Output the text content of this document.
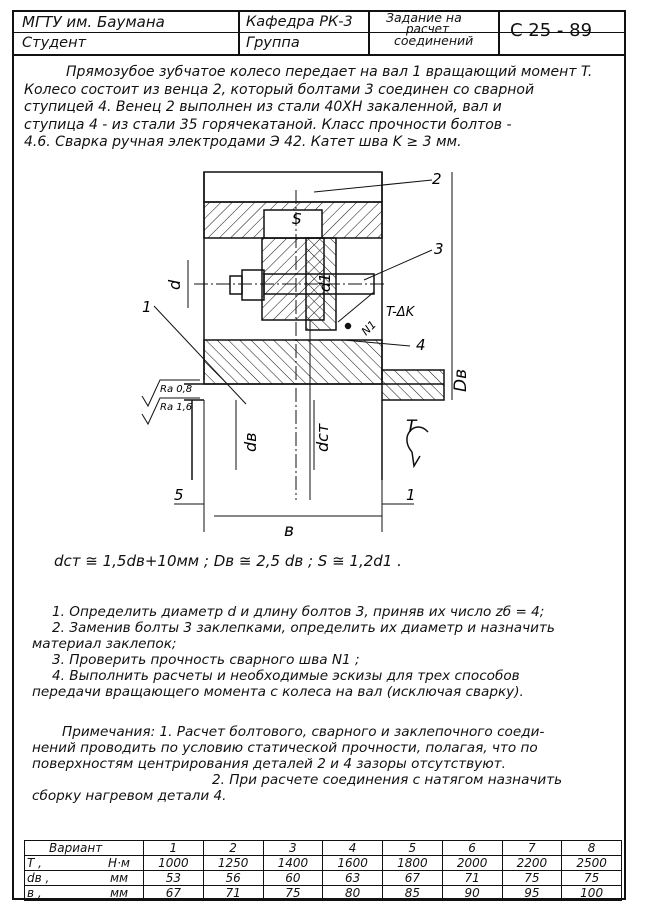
МГТУ им. Баумана	Кафедра РК-3	Задание на
расчет
соединений С 25 - 89
Студент	Группа

Прямозубое зубчатое колесо передает на вал 1 вращающий момент T.

Колесо состоит из венца 2, который болтами 3 соединен со сварной

ступицей 4. Венец 2 выполнен из стали 40ХН закаленной, вал и

ступица 4 - из стали 35 горячекатаной. Класс прочности болтов -

4.6. Сварка ручная электродами Э 42. Катет шва K ≥ 3 мм.

2
3
1
4
5	1
S
d	d1
T-ΔK
N1
Ra 0,8
Ra 1,6
dв	dст
Dв
в
T
dст ≅ 1,5dв+10мм ; Dв ≅ 2,5 dв ; S ≅ 1,2d1 .

1. Определить диаметр d и длину болтов 3, приняв их число zб = 4;

2. Заменив болты 3 заклепками, определить их диаметр и назначить

материал заклепок;

3. Проверить прочность сварного шва N1 ;

4. Выполнить расчеты и необходимые эскизы для трех способов

передачи вращающего момента с колеса на вал (исключая сварку).

Примечания: 1. Расчет болтового, сварного и заклепочного соеди-

нений проводить по условию статической прочности, полагая, что по

поверхностям центрирования деталей 2 и 4 зазоры отсутствуют.

2. При расчете соединения с натягом назначить

сборку нагревом детали 4.

Вариант		1	2	3	4	5	6	7	8
T ,	Н·м	1000	1250	1400	1600	1800	2000	2200	2500
dв ,	мм	53	56	60	63	67	71	75	75
в ,	мм	67	71	75	80	85	90	95	100
